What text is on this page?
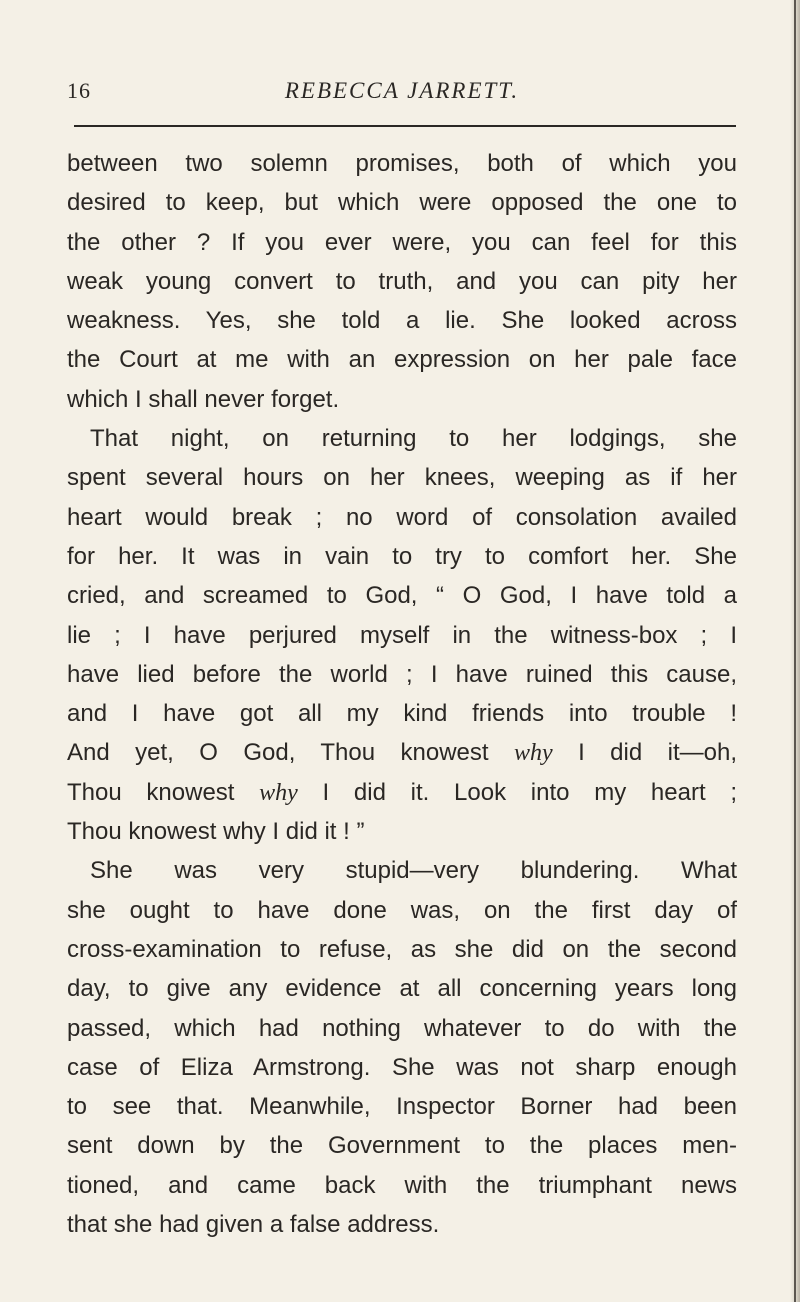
16	REBECCA JARRETT.
between two solemn promises, both of which you
desired to keep, but which were opposed the one to
the other ? If you ever were, you can feel for this
weak young convert to truth, and you can pity her
weakness. Yes, she told a lie. She looked across
the Court at me with an expression on her pale face
which I shall never forget.
That night, on returning to her lodgings, she
spent several hours on her knees, weeping as if her
heart would break ; no word of consolation availed
for her. It was in vain to try to comfort her. She
cried, and screamed to God, “ O God, I have told a
lie ; I have perjured myself in the witness-box ; I
have lied before the world ; I have ruined this cause,
and I have got all my kind friends into trouble !
And yet, O God, Thou knowest why I did it—oh,
Thou knowest why I did it. Look into my heart ;
Thou knowest why I did it ! ”
She was very stupid—very blundering. What
she ought to have done was, on the first day of
cross-examination to refuse, as she did on the second
day, to give any evidence at all concerning years long
passed, which had nothing whatever to do with the
case of Eliza Armstrong. She was not sharp enough
to see that. Meanwhile, Inspector Borner had been
sent down by the Government to the places men-
tioned, and came back with the triumphant news
that she had given a false address.
